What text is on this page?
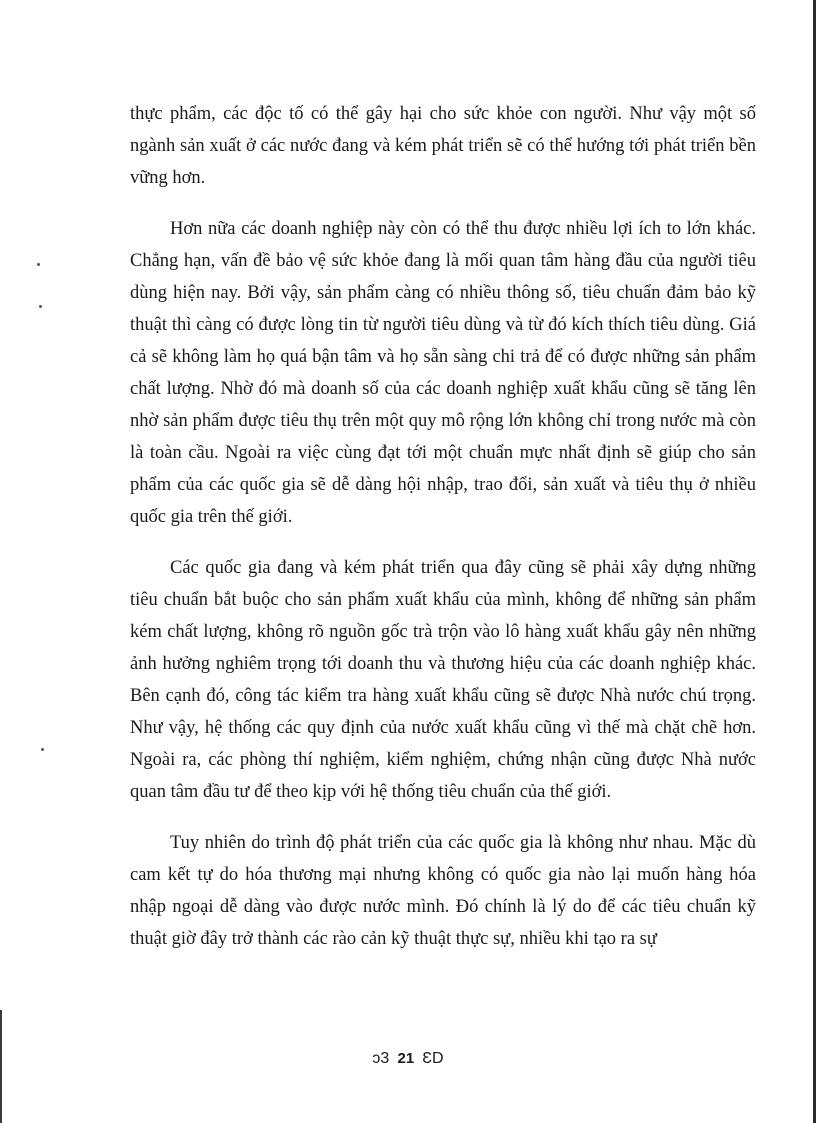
thực phẩm, các độc tố có thể gây hại cho sức khỏe con người. Như vậy một số ngành sản xuất ở các nước đang và kém phát triển sẽ có thể hướng tới phát triển bền vững hơn.

Hơn nữa các doanh nghiệp này còn có thể thu được nhiều lợi ích to lớn khác. Chẳng hạn, vấn đề bảo vệ sức khỏe đang là mối quan tâm hàng đầu của người tiêu dùng hiện nay. Bởi vậy, sản phẩm càng có nhiều thông số, tiêu chuẩn đảm bảo kỹ thuật thì càng có được lòng tin từ người tiêu dùng và từ đó kích thích tiêu dùng. Giá cả sẽ không làm họ quá bận tâm và họ sẵn sàng chi trả để có được những sản phẩm chất lượng. Nhờ đó mà doanh số của các doanh nghiệp xuất khẩu cũng sẽ tăng lên nhờ sản phẩm được tiêu thụ trên một quy mô rộng lớn không chỉ trong nước mà còn là toàn cầu. Ngoài ra việc cùng đạt tới một chuẩn mực nhất định sẽ giúp cho sản phẩm của các quốc gia sẽ dễ dàng hội nhập, trao đổi, sản xuất và tiêu thụ ở nhiều quốc gia trên thế giới.

Các quốc gia đang và kém phát triển qua đây cũng sẽ phải xây dựng những tiêu chuẩn bắt buộc cho sản phẩm xuất khẩu của mình, không để những sản phẩm kém chất lượng, không rõ nguồn gốc trà trộn vào lô hàng xuất khẩu gây nên những ảnh hưởng nghiêm trọng tới doanh thu và thương hiệu của các doanh nghiệp khác. Bên cạnh đó, công tác kiểm tra hàng xuất khẩu cũng sẽ được Nhà nước chú trọng. Như vậy, hệ thống các quy định của nước xuất khẩu cũng vì thế mà chặt chẽ hơn. Ngoài ra, các phòng thí nghiệm, kiểm nghiệm, chứng nhận cũng được Nhà nước quan tâm đầu tư để theo kịp với hệ thống tiêu chuẩn của thế giới.

Tuy nhiên do trình độ phát triển của các quốc gia là không như nhau. Mặc dù cam kết tự do hóa thương mại nhưng không có quốc gia nào lại muốn hàng hóa nhập ngoại dễ dàng vào được nước mình. Đó chính là lý do để các tiêu chuẩn kỹ thuật giờ đây trở thành các rào cản kỹ thuật thực sự, nhiều khi tạo ra sự

ↄ3 21 ƐD
